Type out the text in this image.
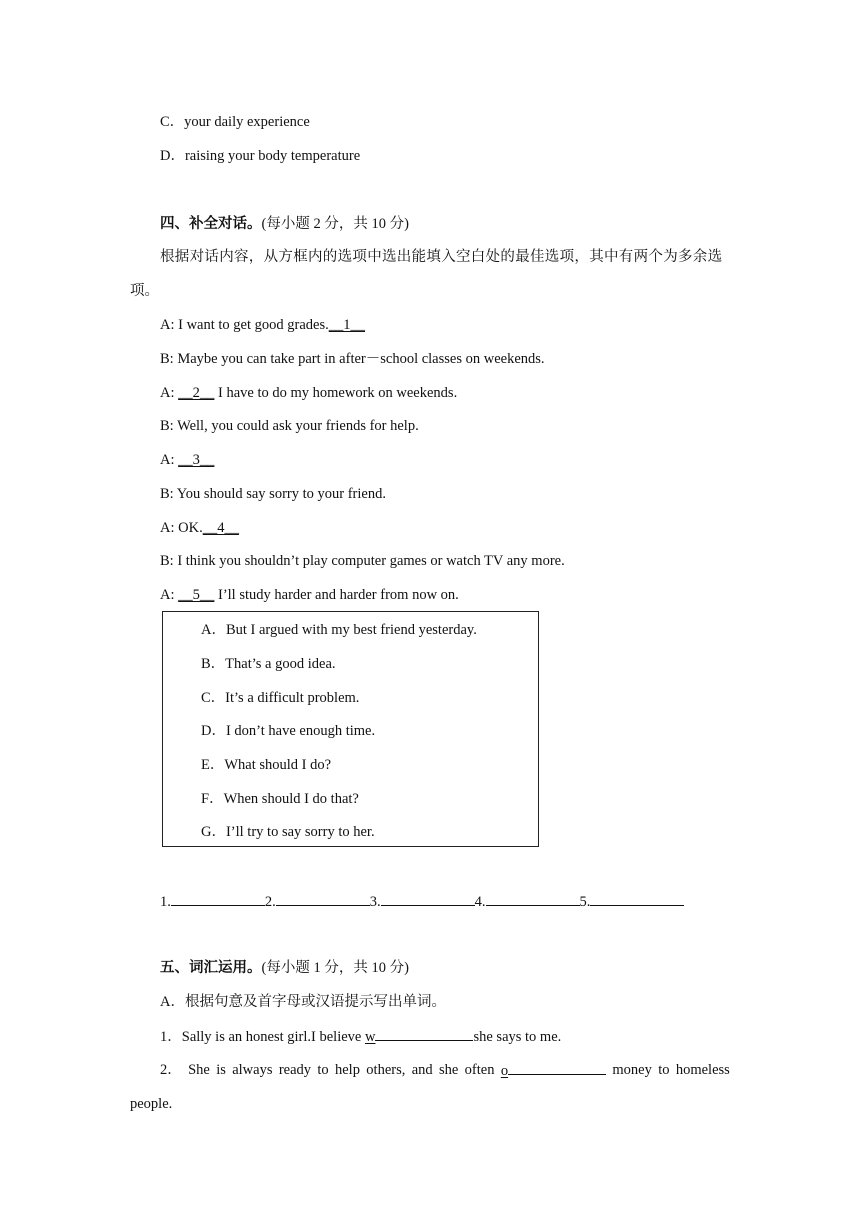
C．your daily experience
D．raising your body temperature
四、补全对话。(每小题 2 分，共 10 分)
根据对话内容，从方框内的选项中选出能填入空白处的最佳选项，其中有两个为多余选
项。
A: I want to get good grades.__1__
B: Maybe you can take part in after－school classes on weekends.
A: __2__ I have to do my homework on weekends.
B: Well, you could ask your friends for help.
A: __3__
B: You should say sorry to your friend.
A: OK.__4__
B: I think you shouldn’t play computer games or watch TV any more.
A: __5__ I’ll study harder and harder from now on.
A．But I argued with my best friend yesterday.
B．That’s a good idea.
C．It’s a difficult problem.
D．I don’t have enough time.
E．What should I do?
F．When should I do that?
G．I’ll try to say sorry to her.
1.	2.	3.	4.	5.
五、词汇运用。(每小题 1 分，共 10 分)
A．根据句意及首字母或汉语提示写出单词。
1．Sally is an honest girl.I believe w	she says to me.
2． She is always ready to help others, and she often o	money to homeless
people.
